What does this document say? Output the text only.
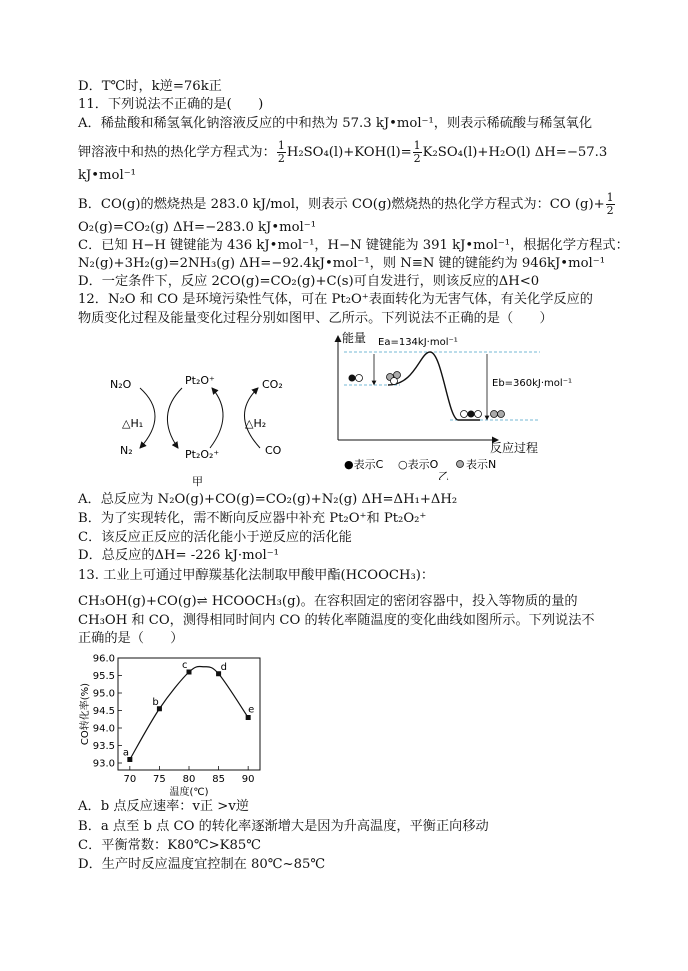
D．T℃时，k逆=76k正
11．下列说法不正确的是(　　)
A．稀盐酸和稀氢氧化钠溶液反应的中和热为 57.3 kJ•mol⁻¹，则表示稀硫酸与稀氢氧化
钾溶液中和热的热化学方程式为： $\frac{1}{2} H_2SO_4(l)+KOH(l)= \frac{1}{2} K_2SO_4(l)+H_2O(l)$ ΔH=−57.3
kJ•mol⁻¹
B．CO(g)的燃烧热是 283.0 kJ/mol，则表示 CO(g)燃烧热的热化学方程式为：CO $(g)+ \frac{1}{2}$
O₂(g)=CO₂(g) ΔH=−283.0 kJ•mol⁻¹
C．已知 H−H 键键能为 436 kJ•mol⁻¹，H−N 键键能为 391 kJ•mol⁻¹，根据化学方程式：
N₂(g)+3H₂(g)=2NH₃(g) ΔH=−92.4kJ•mol⁻¹，则 N≡N 键的键能约为 946kJ•mol⁻¹
D．一定条件下，反应 2CO(g)=CO₂(g)+C(s)可自发进行，则该反应的ΔH<0
12．N₂O 和 CO 是环境污染性气体，可在 Pt₂O⁺表面转化为无害气体，有关化学反应的
物质变化过程及能量变化过程分别如图甲、乙所示。下列说法不正确的是（　　）
N₂O	Pt₂O⁺	CO₂
△H₁	△H₂
N₂	Pt₂O₂⁺	CO
甲
能量 Ea=134kJ·mol⁻¹
Eb=360kJ·mol⁻¹
反应过程
●表示C ○表示O	表示N
乙
A．总反应为 N₂O(g)+CO(g)=CO₂(g)+N₂(g) ΔH=ΔH₁+ΔH₂
B．为了实现转化，需不断向反应器中补充 Pt₂O⁺和 Pt₂O₂⁺
C．该反应正反应的活化能小于逆反应的活化能
D．总反应的ΔH= -226 kJ·mol⁻¹
13. 工业上可通过甲醇羰基化法制取甲酸甲酯(HCOOCH₃)：
CH₃OH(g)+CO(g)⇌ HCOOCH₃(g)。在容积固定的密闭容器中，投入等物质的量的
CH₃OH 和 CO，测得相同时间内 CO 的转化率随温度的变化曲线如图所示。下列说法不
正确的是（　　）
93.0
93.5
94.0
94.5
95.0
95.5
96.0
70 75 80 85 90
温度(℃)
CO转化率(%)
a
b
c	d
e
A．b 点反应速率：v正 >v逆
B．a 点至 b 点 CO 的转化率逐渐增大是因为升高温度，平衡正向移动
C．平衡常数：K80℃>K85℃
D．生产时反应温度宜控制在 80℃~85℃
